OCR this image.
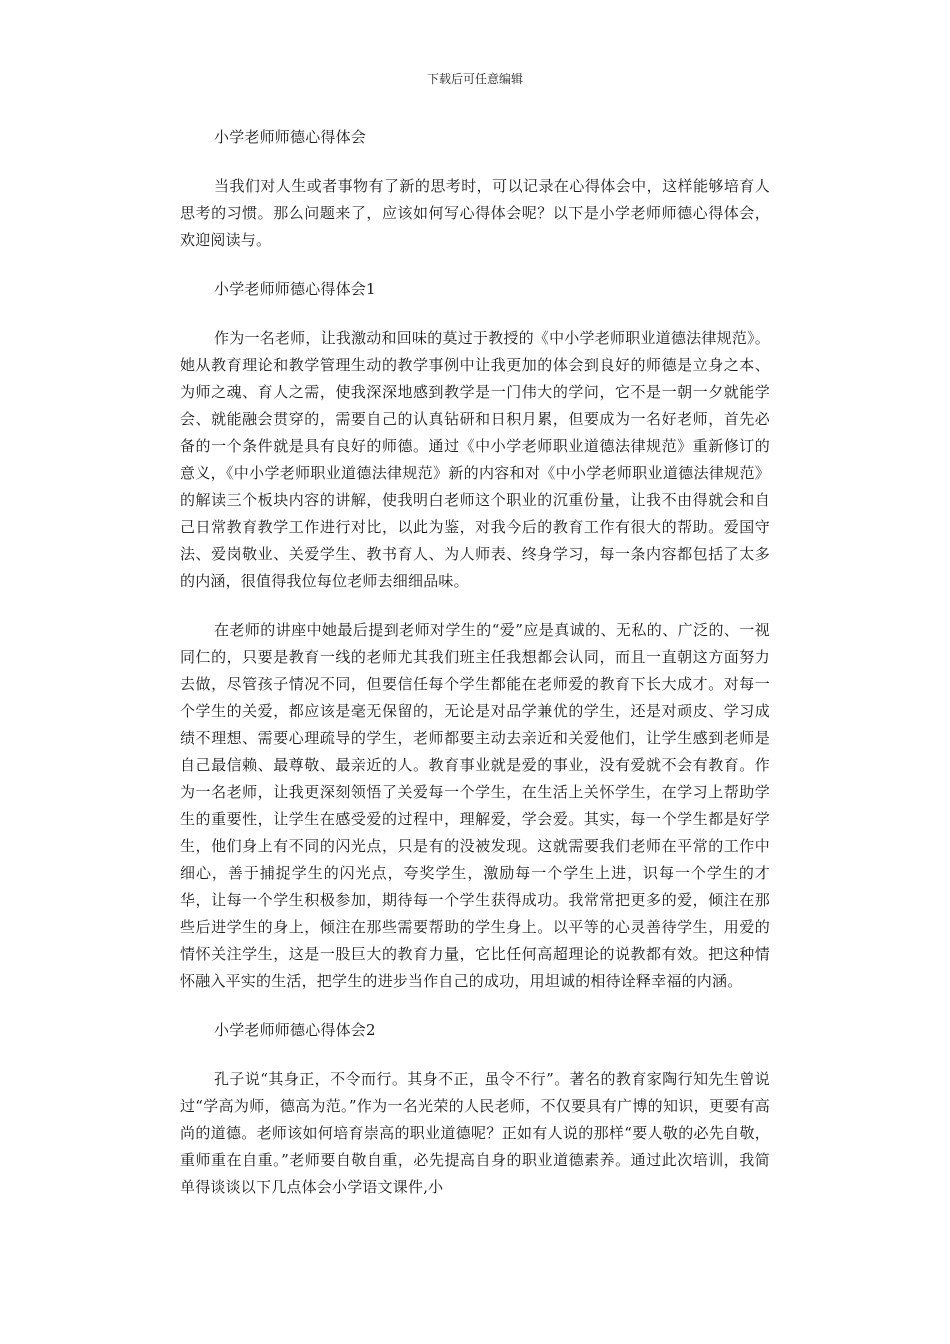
下载后可任意编辑

小学老师师德心得体会

当我们对人生或者事物有了新的思考时，可以记录在心得体会中，这样能够培育人思考的习惯。那么问题来了，应该如何写心得体会呢？以下是小学老师师德心得体会，欢迎阅读与。

小学老师师德心得体会1

作为一名老师，让我激动和回味的莫过于教授的《中小学老师职业道德法律规范》。她从教育理论和教学管理生动的教学事例中让我更加的体会到良好的师德是立身之本、为师之魂、育人之需，使我深深地感到教学是一门伟大的学问，它不是一朝一夕就能学会、就能融会贯穿的，需要自己的认真钻研和日积月累，但要成为一名好老师，首先必备的一个条件就是具有良好的师德。通过《中小学老师职业道德法律规范》重新修订的意义，《中小学老师职业道德法律规范》新的内容和对《中小学老师职业道德法律规范》的解读三个板块内容的讲解，使我明白老师这个职业的沉重份量，让我不由得就会和自己日常教育教学工作进行对比，以此为鉴，对我今后的教育工作有很大的帮助。爱国守法、爱岗敬业、关爱学生、教书育人、为人师表、终身学习，每一条内容都包括了太多的内涵，很值得我位每位老师去细细品味。

在老师的讲座中她最后提到老师对学生的“爱”应是真诚的、无私的、广泛的、一视同仁的，只要是教育一线的老师尤其我们班主任我想都会认同，而且一直朝这方面努力去做，尽管孩子情况不同，但要信任每个学生都能在老师爱的教育下长大成才。对每一个学生的关爱，都应该是毫无保留的，无论是对品学兼优的学生，还是对顽皮、学习成绩不理想、需要心理疏导的学生，老师都要主动去亲近和关爱他们，让学生感到老师是自己最信赖、最尊敬、最亲近的人。教育事业就是爱的事业，没有爱就不会有教育。作为一名老师，让我更深刻领悟了关爱每一个学生，在生活上关怀学生，在学习上帮助学生的重要性，让学生在感受爱的过程中，理解爱，学会爱。其实，每一个学生都是好学生，他们身上有不同的闪光点，只是有的没被发现。这就需要我们老师在平常的工作中细心，善于捕捉学生的闪光点，夸奖学生，激励每一个学生上进，识每一个学生的才华，让每一个学生积极参加，期待每一个学生获得成功。我常常把更多的爱，倾注在那些后进学生的身上，倾注在那些需要帮助的学生身上。以平等的心灵善待学生，用爱的情怀关注学生，这是一股巨大的教育力量，它比任何高超理论的说教都有效。把这种情怀融入平实的生活，把学生的进步当作自己的成功，用坦诚的相待诠释幸福的内涵。

小学老师师德心得体会2

孔子说“其身正，不令而行。其身不正，虽令不行”。著名的教育家陶行知先生曾说过“学高为师，德高为范。”作为一名光荣的人民老师，不仅要具有广博的知识，更要有高尚的道德。老师该如何培育崇高的职业道德呢？正如有人说的那样“要人敬的必先自敬，重师重在自重。”老师要自敬自重，必先提高自身的职业道德素养。通过此次培训，我简单得谈谈以下几点体会小学语文课件,小
